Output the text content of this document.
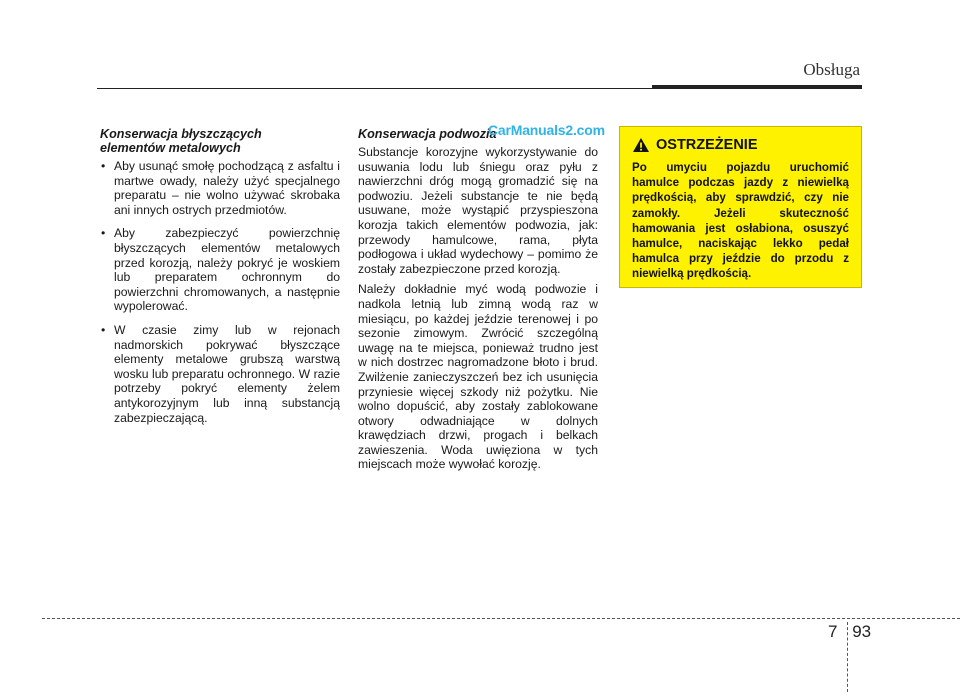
Obsługa
Konserwacja błyszczących
elementów metalowych
• Aby usunąć smołę pochodzącą z asfaltu i martwe owady, należy użyć specjalnego preparatu – nie wolno używać skrobaka ani innych ostrych przedmiotów.
• Aby zabezpieczyć powierzchnię błyszczących elementów metalowych przed korozją, należy pokryć je woskiem lub preparatem ochronnym do powierzchni chromowanych, a następnie wypolerować.
• W czasie zimy lub w rejonach nadmorskich pokrywać błyszczące elementy metalowe grubszą warstwą wosku lub preparatu ochronnego. W razie potrzeby pokryć elementy żelem antykorozyjnym lub inną substancją zabezpieczającą.
Konserwacja podwozia

Substancje korozyjne wykorzystywanie do usuwania lodu lub śniegu oraz pyłu z nawierzchni dróg mogą gromadzić się na podwoziu. Jeżeli substancje te nie będą usuwane, może wystąpić przyspieszona korozja takich elementów podwozia, jak: przewody hamulcowe, rama, płyta podłogowa i układ wydechowy – pomimo że zostały zabezpieczone przed korozją.

Należy dokładnie myć wodą podwozie i nadkola letnią lub zimną wodą raz w miesiącu, po każdej jeździe terenowej i po sezonie zimowym. Zwrócić szczególną uwagę na te miejsca, ponieważ trudno jest w nich dostrzec nagromadzone błoto i brud. Zwilżenie zanieczyszczeń bez ich usunięcia przyniesie więcej szkody niż pożytku. Nie wolno dopuścić, aby zostały zablokowane otwory odwadniające w dolnych krawędziach drzwi, progach i belkach zawieszenia. Woda uwięziona w tych miejscach może wywołać korozję.

CarManuals2.com
OSTRZEŻENIE
Po umyciu pojazdu uruchomić hamulce podczas jazdy z niewielką prędkością, aby sprawdzić, czy nie zamokły. Jeżeli skuteczność hamowania jest osłabiona, osuszyć hamulce, naciskając lekko pedał hamulca przy jeździe do przodu z niewielką prędkością.
7 93
